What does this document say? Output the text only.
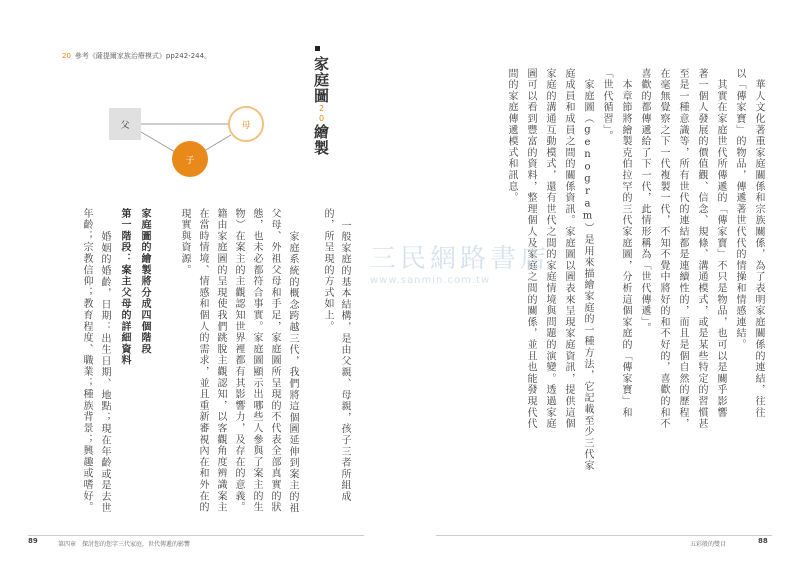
20 參考《薩提爾家族治療模式》pp242-244。
父	母
子
家庭圖20繪製
一般家庭的基本結構，是由父親、母親，孩子三者所組成
的，所呈現的方式如上。
　家庭系統的概念跨越三代，我們將這個圖延伸到案主的祖
父母、外祖父母和手足，家庭圖所呈現的不代表全部真實的狀
態，也未必都符合事實。家庭圖顯示出哪些人參與了案主的生
物）在案主的主觀認知世界裡都有其影響力，及存在的意義。
籍由家庭圖的呈現使我們跳脫主觀認知，以客觀角度辨識案主
在當時情境、情感和個人的需求，並且重新審視內在和外在的
現實與資源。
家庭圖的繪製將分成四個階段
第一階段：案主父母的詳細資料
　婚姻的婚齡，日期：出生日期、地點；現在年齡或是去世
年齡；宗教信仰；教育程度、職業；種族背景；興趣或嗜好。
89	第四章　探討您的您字三代家庭，世代傳遞的影響
　華人文化著重家庭關係和宗族關係，為了表明家庭關係的連結，往往
以「傳家寶」的物品，傳遞著世代代的情操和情感連結。
　其實在家庭世代所傳遞的「傳家寶」不只是物品，也可以是關乎影響
著一個人發展的價值觀、信念、規條、溝通模式，或是某些特定的習慣甚
至是一種意識等，所有世代的連結都是連續性的，而且是個自然的歷程，
在毫無覺察之下一代複製一代，不知不覺中將好的和不好的，喜歡的和不
喜歡的都傳遞給了下一代，此情形稱為「世代傳遞」。
　本章節將繪製克伯拉罕的三代家庭圖，分析這個家庭的「傳家寶」和
「世代循習」。
　家庭圖（genogram）是用來描繪家庭的一種方法，它記載至少三代家
庭成員和成員之間的關係資訊。家庭圖以圖表來呈現家庭資訊，提供這個
家庭的溝通互動模式，還有世代之間的家庭情境與問題的演變。透過家庭
圖可以看到豐富的資料，整理個人及家庭之間的關係，並且也能發現代代
間的家庭傳遞模式和訊息。
五彩般的雙目	88
三民網路書店
www.sanmin.com.tw
